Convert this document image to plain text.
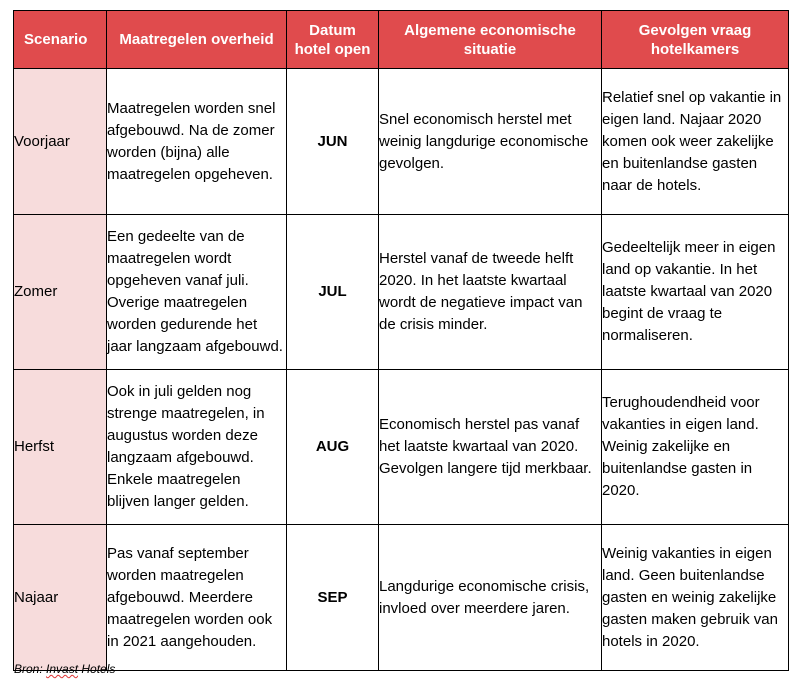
Scenario	Maatregelen overheid	Datum hotel open	Algemene economische situatie	Gevolgen vraag hotelkamers
Voorjaar	Maatregelen worden snel afgebouwd. Na de zomer worden (bijna) alle maatregelen opgeheven.	JUN	Snel economisch herstel met weinig langdurige economische gevolgen.	Relatief snel op vakantie in eigen land. Najaar 2020 komen ook weer zakelijke en buitenlandse gasten naar de hotels.
Zomer	Een gedeelte van de maatregelen wordt opgeheven vanaf juli. Overige maatregelen worden gedurende het jaar langzaam afgebouwd.	JUL	Herstel vanaf de tweede helft 2020. In het laatste kwartaal wordt de negatieve impact van de crisis minder.	Gedeeltelijk meer in eigen land op vakantie. In het laatste kwartaal van 2020 begint de vraag te normaliseren.
Herfst	Ook in juli gelden nog strenge maatregelen, in augustus worden deze langzaam afgebouwd. Enkele maatregelen blijven langer gelden.	AUG	Economisch herstel pas vanaf het laatste kwartaal van 2020. Gevolgen langere tijd merkbaar.	Terughoudendheid voor vakanties in eigen land. Weinig zakelijke en buitenlandse gasten in 2020.
Najaar	Pas vanaf september worden maatregelen afgebouwd. Meerdere maatregelen worden ook in 2021 aangehouden.	SEP	Langdurige economische crisis, invloed over meerdere jaren.	Weinig vakanties in eigen land. Geen buitenlandse gasten en weinig zakelijke gasten maken gebruik van hotels in 2020.
Bron: Invast Hotels
